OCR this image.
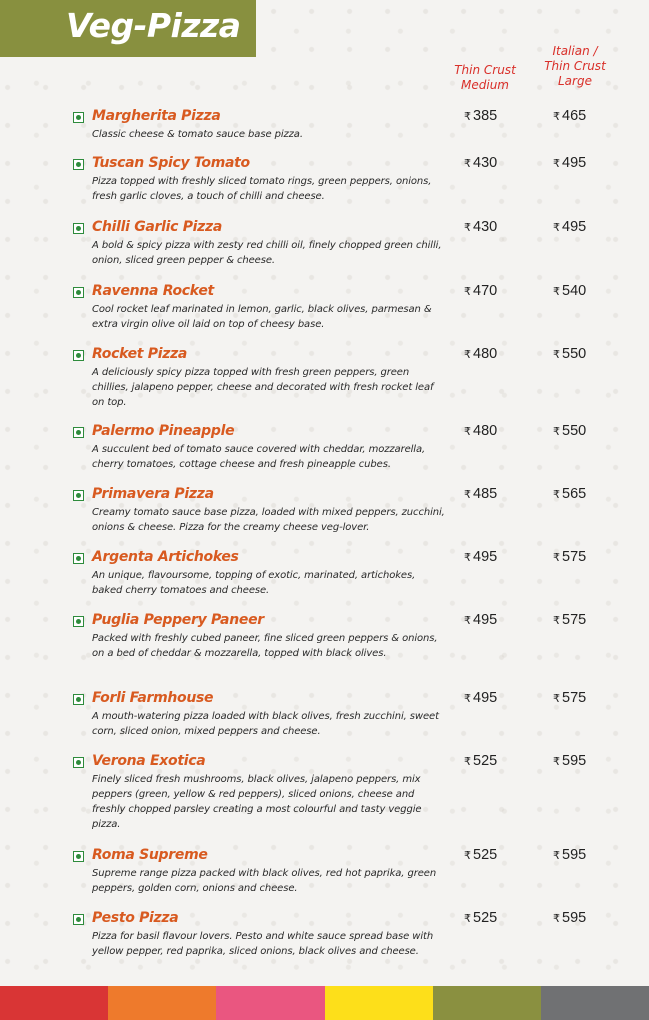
Veg-Pizza
Thin Crust
Medium
Italian /
Thin Crust
Large
Margherita Pizza
Classic cheese & tomato sauce base pizza.
₹ 385	₹ 465
Tuscan Spicy Tomato
Pizza topped with freshly sliced tomato rings, green peppers, onions, fresh garlic cloves, a touch of chilli and cheese.
₹ 430	₹ 495
Chilli Garlic Pizza
A bold & spicy pizza with zesty red chilli oil, finely chopped green chilli, onion, sliced green pepper & cheese.
₹ 430	₹ 495
Ravenna Rocket
Cool rocket leaf marinated in lemon, garlic, black olives, parmesan & extra virgin olive oil laid on top of cheesy base.
₹ 470	₹ 540
Rocket Pizza
A deliciously spicy pizza topped with fresh green peppers, green chillies, jalapeno pepper, cheese and decorated with fresh rocket leaf on top.
₹ 480	₹ 550
Palermo Pineapple
A succulent bed of tomato sauce covered with cheddar, mozzarella, cherry tomatoes, cottage cheese and fresh pineapple cubes.
₹ 480	₹ 550
Primavera Pizza
Creamy tomato sauce base pizza, loaded with mixed peppers, zucchini, onions & cheese. Pizza for the creamy cheese veg-lover.
₹ 485	₹ 565
Argenta Artichokes
An unique, flavoursome, topping of exotic, marinated, artichokes, baked cherry tomatoes and cheese.
₹ 495	₹ 575
Puglia Peppery Paneer
Packed with freshly cubed paneer, fine sliced green peppers & onions, on a bed of cheddar & mozzarella, topped with black olives.
₹ 495	₹ 575
Forli Farmhouse
A mouth-watering pizza loaded with black olives, fresh zucchini, sweet corn, sliced onion, mixed peppers and cheese.
₹ 495	₹ 575
Verona Exotica
Finely sliced fresh mushrooms, black olives, jalapeno peppers, mix peppers (green, yellow & red peppers), sliced onions, cheese and freshly chopped parsley creating a most colourful and tasty veggie pizza.
₹ 525	₹ 595
Roma Supreme
Supreme range pizza packed with black olives, red hot paprika, green peppers, golden corn, onions and cheese.
₹ 525	₹ 595
Pesto Pizza
Pizza for basil flavour lovers. Pesto and white sauce spread base with yellow pepper, red paprika, sliced onions, black olives and cheese.
₹ 525	₹ 595
